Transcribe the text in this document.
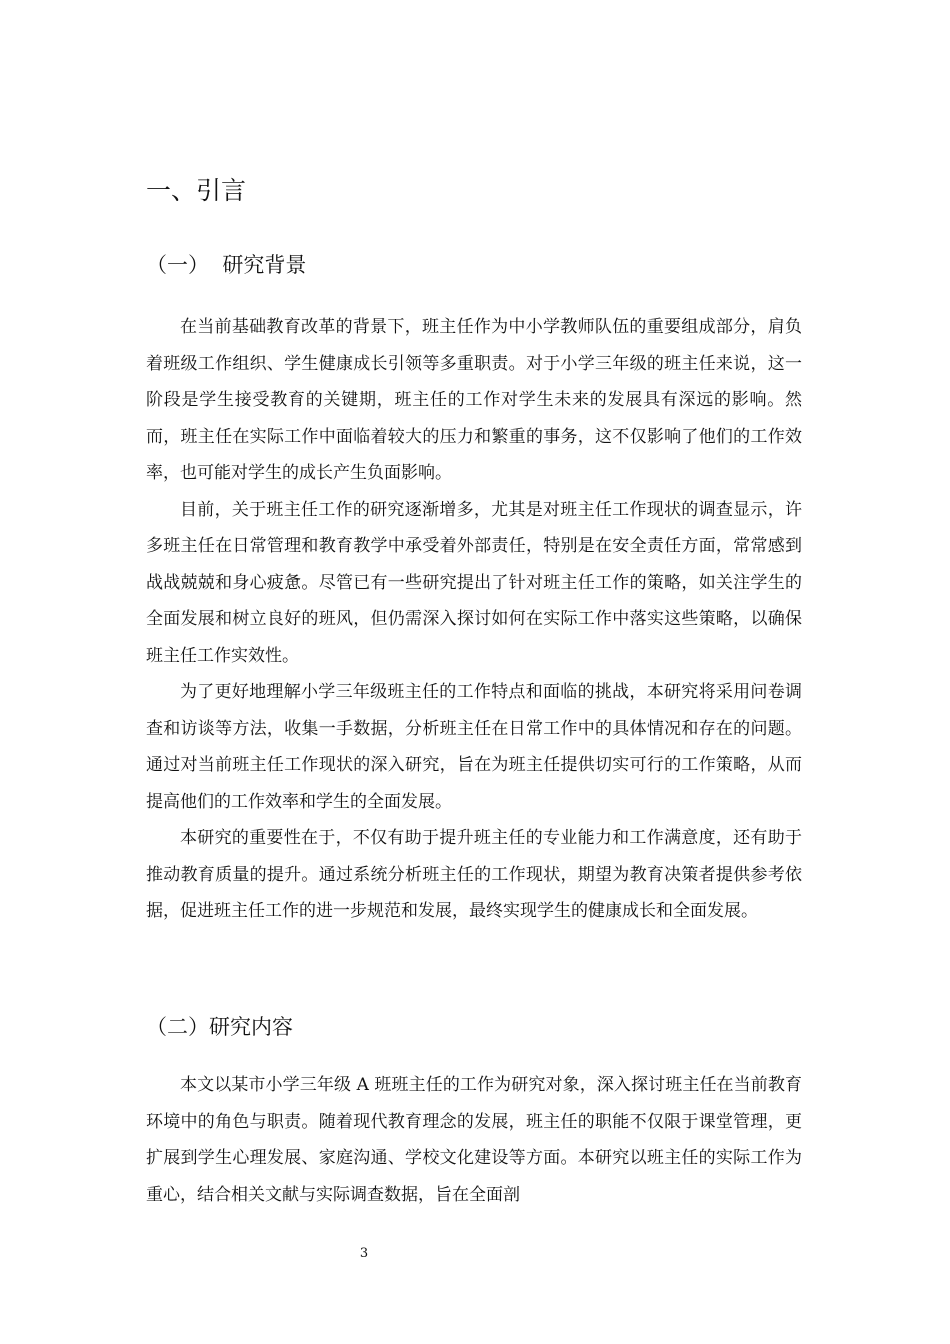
一、引言
（一）  研究背景

在当前基础教育改革的背景下，班主任作为中小学教师队伍的重要组成部分，肩负着班级工作组织、学生健康成长引领等多重职责。对于小学三年级的班主任来说，这一阶段是学生接受教育的关键期，班主任的工作对学生未来的发展具有深远的影响。然而，班主任在实际工作中面临着较大的压力和繁重的事务，这不仅影响了他们的工作效率，也可能对学生的成长产生负面影响。

目前，关于班主任工作的研究逐渐增多，尤其是对班主任工作现状的调查显示，许多班主任在日常管理和教育教学中承受着外部责任，特别是在安全责任方面，常常感到战战兢兢和身心疲惫。尽管已有一些研究提出了针对班主任工作的策略，如关注学生的全面发展和树立良好的班风，但仍需深入探讨如何在实际工作中落实这些策略，以确保班主任工作实效性。

为了更好地理解小学三年级班主任的工作特点和面临的挑战，本研究将采用问卷调查和访谈等方法，收集一手数据，分析班主任在日常工作中的具体情况和存在的问题。通过对当前班主任工作现状的深入研究，旨在为班主任提供切实可行的工作策略，从而提高他们的工作效率和学生的全面发展。

本研究的重要性在于，不仅有助于提升班主任的专业能力和工作满意度，还有助于推动教育质量的提升。通过系统分析班主任的工作现状，期望为教育决策者提供参考依据，促进班主任工作的进一步规范和发展，最终实现学生的健康成长和全面发展。

（二）研究内容

本文以某市小学三年级 A 班班主任的工作为研究对象，深入探讨班主任在当前教育环境中的角色与职责。随着现代教育理念的发展，班主任的职能不仅限于课堂管理，更扩展到学生心理发展、家庭沟通、学校文化建设等方面。本研究以班主任的实际工作为重心，结合相关文献与实际调查数据，旨在全面剖

3
